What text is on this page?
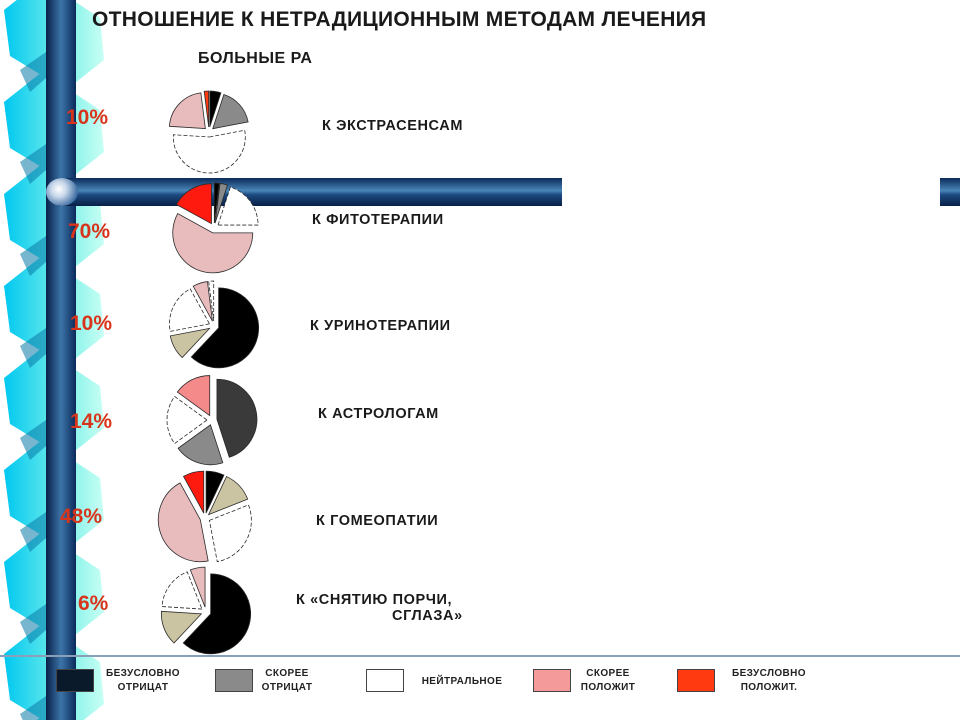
ОТНОШЕНИЕ К НЕТРАДИЦИОННЫМ МЕТОДАМ ЛЕЧЕНИЯ
БОЛЬНЫЕ РА
10%	К ЭКСТРАСЕНСАМ
70%	К ФИТОТЕРАПИИ
10%	К УРИНОТЕРАПИИ
14%	К АСТРОЛОГАМ
48%	К ГОМЕОПАТИИ
6%	К «СНЯТИЮ ПОРЧИ,
СГЛАЗА»
БЕЗУСЛОВНО
ОТРИЦАТ
СКОРЕЕ
ОТРИЦАТ
НЕЙТРАЛЬНОЕ
СКОРЕЕ
ПОЛОЖИТ
БЕЗУСЛОВНО
ПОЛОЖИТ.
